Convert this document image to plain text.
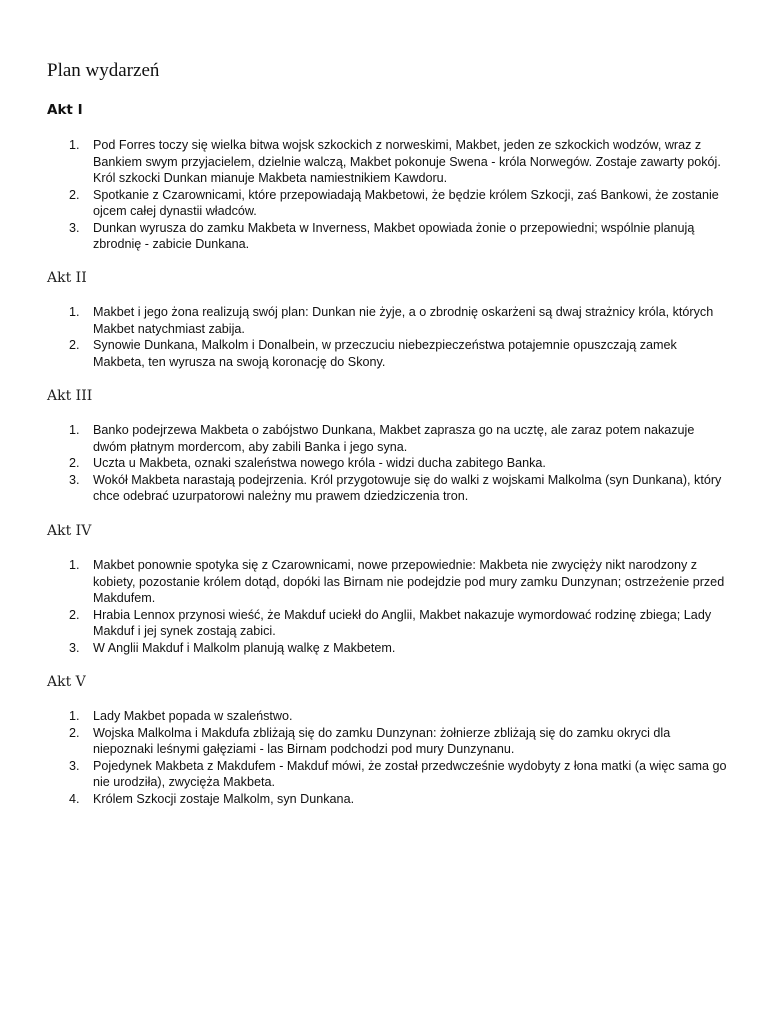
Plan wydarzeń
Akt I
1.	Pod Forres toczy się wielka bitwa wojsk szkockich z norweskimi, Makbet, jeden ze szkockich wodzów, wraz z Bankiem swym przyjacielem, dzielnie walczą, Makbet pokonuje Swena - króla Norwegów. Zostaje zawarty pokój. Król szkocki Dunkan mianuje Makbeta namiestnikiem Kawdoru.
2.	Spotkanie z Czarownicami, które przepowiadają Makbetowi, że będzie królem Szkocji, zaś Bankowi, że zostanie ojcem całej dynastii władców.
3.	Dunkan wyrusza do zamku Makbeta w Inverness, Makbet opowiada żonie o przepowiedni; wspólnie planują zbrodnię - zabicie Dunkana.
Akt II
1.	Makbet i jego żona realizują swój plan: Dunkan nie żyje, a o zbrodnię oskarżeni są dwaj strażnicy króla, których Makbet natychmiast zabija.
2.	Synowie Dunkana, Malkolm i Donalbein, w przeczuciu niebezpieczeństwa potajemnie opuszczają zamek Makbeta, ten wyrusza na swoją koronację do Skony.
Akt III
1.	Banko podejrzewa Makbeta o zabójstwo Dunkana, Makbet zaprasza go na ucztę, ale zaraz potem nakazuje dwóm płatnym mordercom, aby zabili Banka i jego syna.
2.	Uczta u Makbeta, oznaki szaleństwa nowego króla - widzi ducha zabitego Banka.
3.	Wokół Makbeta narastają podejrzenia. Król przygotowuje się do walki z wojskami Malkolma (syn Dunkana), który chce odebrać uzurpatorowi należny mu prawem dziedziczenia tron.
Akt IV
1.	Makbet ponownie spotyka się z Czarownicami, nowe przepowiednie: Makbeta nie zwycięży nikt narodzony z kobiety, pozostanie królem dotąd, dopóki las Birnam nie podejdzie pod mury zamku Dunzynan; ostrzeżenie przed Makdufem.
2.	Hrabia Lennox przynosi wieść, że Makduf uciekł do Anglii, Makbet nakazuje wymordować rodzinę zbiega; Lady Makduf i jej synek zostają zabici.
3.	W Anglii Makduf i Malkolm planują walkę z Makbetem.
Akt V
1.	Lady Makbet popada w szaleństwo.
2.	Wojska Malkolma i Makdufa zbliżają się do zamku Dunzynan: żołnierze zbliżają się do zamku okryci dla niepoznaki leśnymi gałęziami - las Birnam podchodzi pod mury Dunzynanu.
3.	Pojedynek Makbeta z Makdufem - Makduf mówi, że został przedwcześnie wydobyty z łona matki (a więc sama go nie urodziła), zwycięża Makbeta.
4.	Królem Szkocji zostaje Malkolm, syn Dunkana.
